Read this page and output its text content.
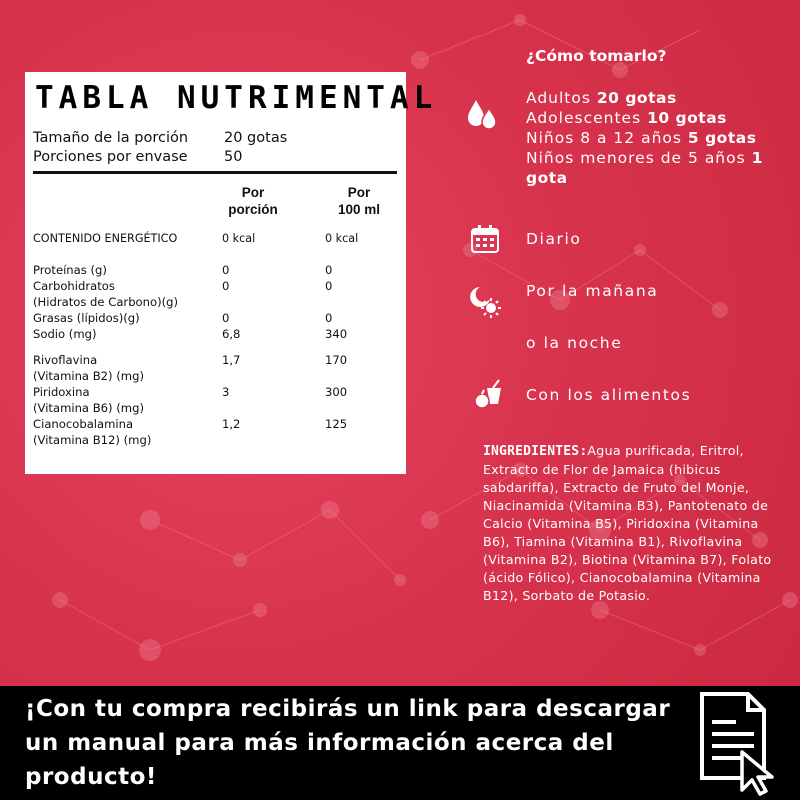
TABLA NUTRIMENTAL
Tamaño de la porción	20 gotas
Porciones por envase	50
Por
porción
Por
100 ml
CONTENIDO ENERGÉTICO	0 kcal	0 kcal
Proteínas (g)	0	0
Carbohidratos
(Hidratos de Carbono)(g)
0	0
Grasas (lípidos)(g)	0	0
Sodio (mg)	6,8	340
Rivoflavina
(Vitamina B2) (mg)
1,7	170
Piridoxina
(Vitamina B6) (mg)
3	300
Cianocobalamina
(Vitamina B12) (mg)
1,2	125
¿Cómo tomarlo?
Adultos 20 gotas
Adolescentes 10 gotas
Niños 8 a 12 años 5 gotas
Niños menores de 5 años 1 gota
Diario
Por la mañana
o la noche
Con los alimentos
INGREDIENTES:Agua purificada, Eritrol, Extracto de Flor de Jamaica (hibicus sabdariffa), Extracto de Fruto del Monje, Niacinamida (Vitamina B3), Pantotenato de Calcio (Vitamina B5), Piridoxina (Vitamina B6), Tiamina (Vitamina B1), Rivoflavina (Vitamina B2), Biotina (Vitamina B7), Folato (ácido Fólico), Cianocobalamina (Vitamina B12), Sorbato de Potasio.
¡Con tu compra recibirás un link para descargar un manual para más información acerca del producto!
